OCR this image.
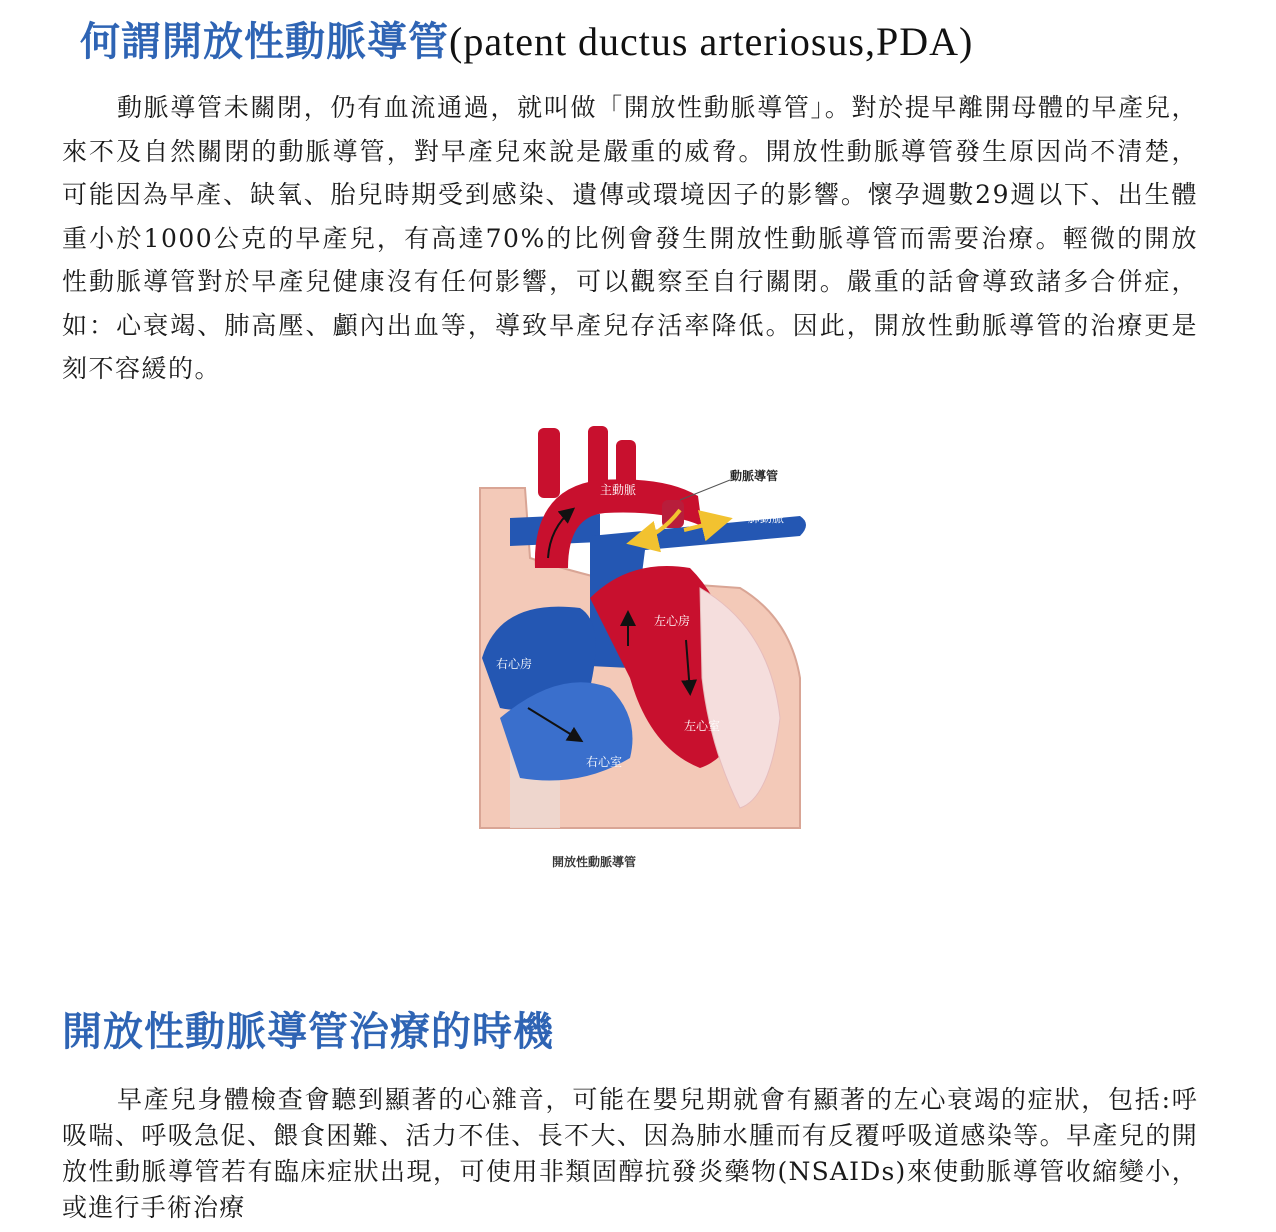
何謂開放性動脈導管(patent ductus arteriosus,PDA)

動脈導管未關閉，仍有血流通過，就叫做「開放性動脈導管」。對於提早離開母體的早產兒，來不及自然關閉的動脈導管，對早產兒來說是嚴重的威脅。開放性動脈導管發生原因尚不清楚，可能因為早產、缺氧、胎兒時期受到感染、遺傳或環境因子的影響。懷孕週數29週以下、出生體重小於1000公克的早產兒，有高達70%的比例會發生開放性動脈導管而需要治療。輕微的開放性動脈導管對於早產兒健康沒有任何影響，可以觀察至自行關閉。嚴重的話會導致諸多合併症，如：心衰竭、肺高壓、顱內出血等，導致早產兒存活率降低。因此，開放性動脈導管的治療更是刻不容緩的。

動脈導管
主動脈
肺動脈
左心房
右心房
左心室
右心室
開放性動脈導管
開放性動脈導管治療的時機

早產兒身體檢查會聽到顯著的心雜音，可能在嬰兒期就會有顯著的左心衰竭的症狀，包括:呼吸喘、呼吸急促、餵食困難、活力不佳、長不大、因為肺水腫而有反覆呼吸道感染等。早產兒的開放性動脈導管若有臨床症狀出現，可使用非類固醇抗發炎藥物(NSAIDs)來使動脈導管收縮變小，或進行手術治療
